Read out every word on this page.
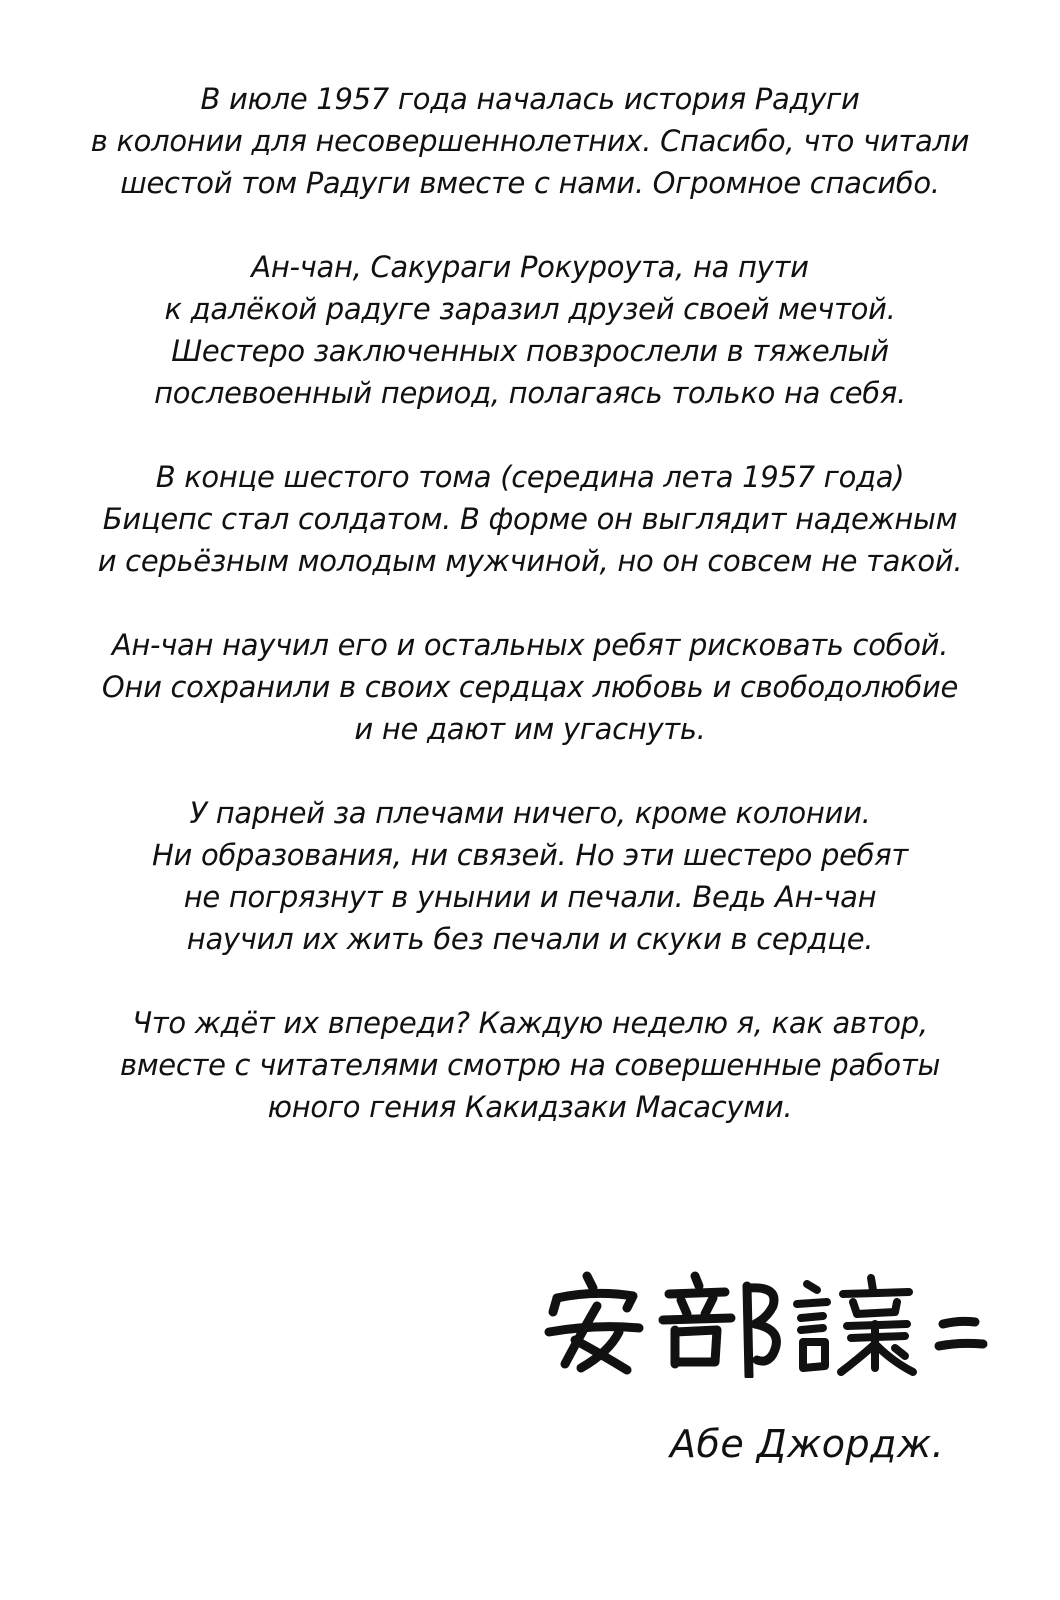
В июле 1957 года началась история Радуги
в колонии для несовершеннолетних. Спасибо, что читали
шестой том Радуги вместе с нами. Огромное спасибо.
Ан-чан, Сакураги Рокуроута, на пути
к далёкой радуге заразил друзей своей мечтой.
Шестеро заключенных повзрослели в тяжелый
послевоенный период, полагаясь только на себя.
В конце шестого тома (середина лета 1957 года)
Бицепс стал солдатом. В форме он выглядит надежным
и серьёзным молодым мужчиной, но он совсем не такой.
Ан-чан научил его и остальных ребят рисковать собой.
Они сохранили в своих сердцах любовь и свободолюбие
и не дают им угаснуть.
У парней за плечами ничего, кроме колонии.
Ни образования, ни связей. Но эти шестеро ребят
не погрязнут в унынии и печали. Ведь Ан-чан
научил их жить без печали и скуки в сердце.
Что ждёт их впереди? Каждую неделю я, как автор,
вместе с читателями смотрю на совершенные работы
юного гения Какидзаки Масасуми.
Абе Джордж.
